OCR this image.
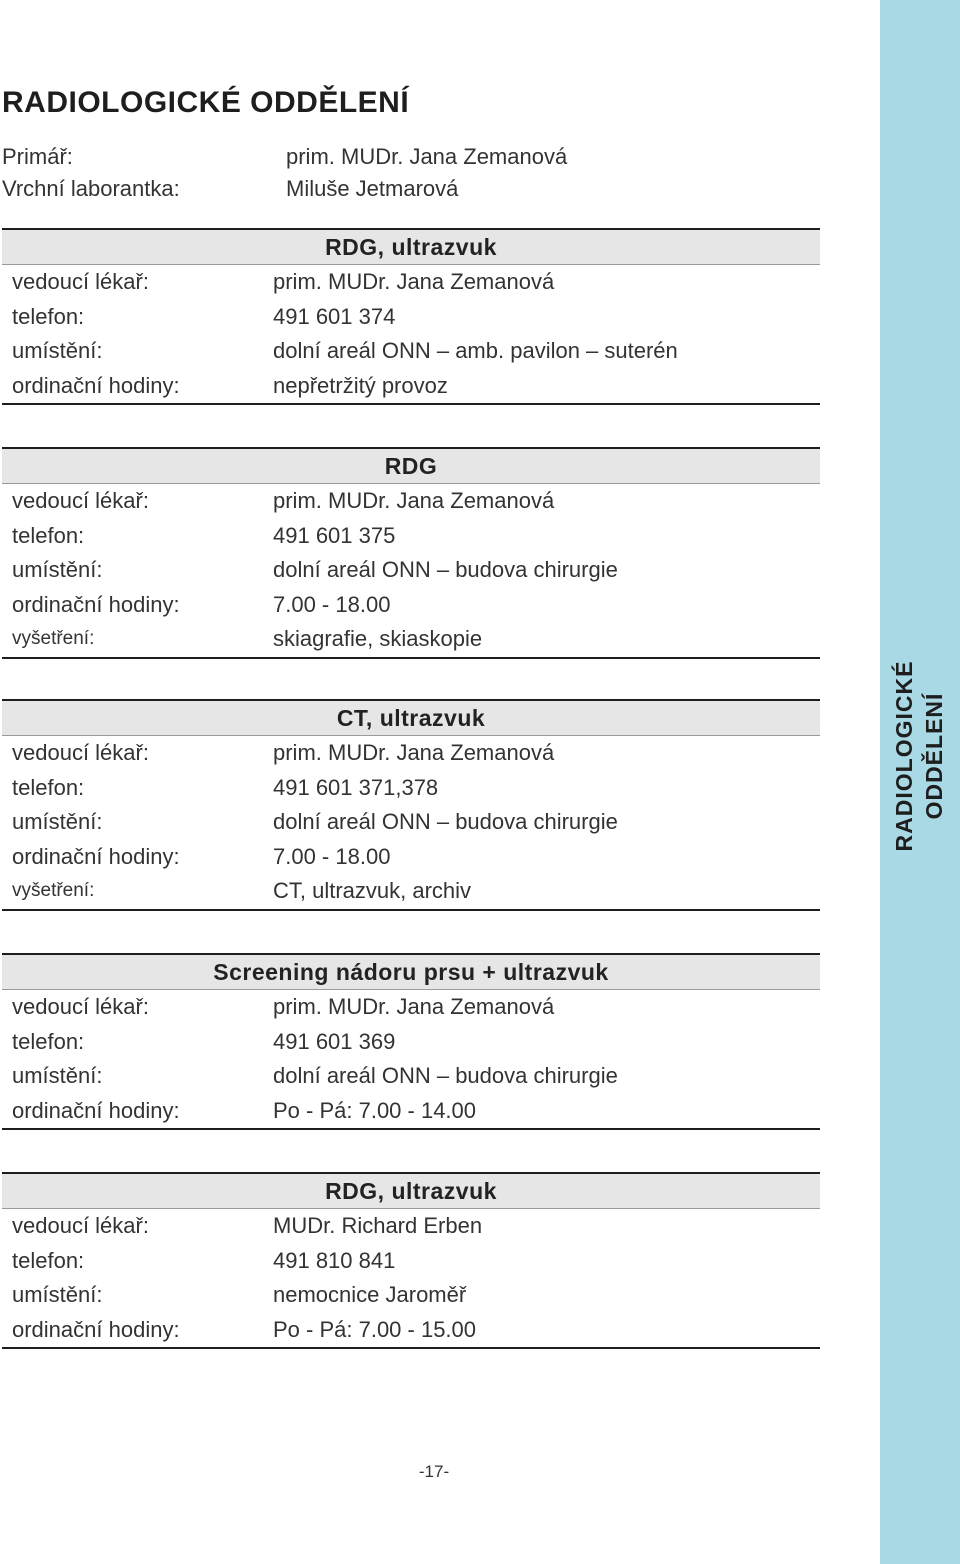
RADIOLOGICKÉ ODDĚLENÍ
RADIOLOGICKÉ ODDĚLENÍ
Primář:	prim. MUDr. Jana Zemanová
Vrchní laborantka:	Miluše Jetmarová
RDG, ultrazvuk
vedoucí lékař:	prim. MUDr. Jana Zemanová
telefon:	491 601 374
umístění:	dolní areál ONN – amb. pavilon – suterén
ordinační hodiny:	nepřetržitý provoz
RDG
vedoucí lékař:	prim. MUDr. Jana Zemanová
telefon:	491 601 375
umístění:	dolní areál ONN – budova chirurgie
ordinační hodiny:	7.00 - 18.00
vyšetření:	skiagrafie, skiaskopie
CT, ultrazvuk
vedoucí lékař:	prim. MUDr. Jana Zemanová
telefon:	491 601 371,378
umístění:	dolní areál ONN – budova chirurgie
ordinační hodiny:	7.00 - 18.00
vyšetření:	CT, ultrazvuk, archiv
Screening nádoru prsu + ultrazvuk
vedoucí lékař:	prim. MUDr. Jana Zemanová
telefon:	491 601 369
umístění:	dolní areál ONN – budova chirurgie
ordinační hodiny:	Po - Pá: 7.00 - 14.00
RDG, ultrazvuk
vedoucí lékař:	MUDr. Richard Erben
telefon:	491 810 841
umístění:	nemocnice Jaroměř
ordinační hodiny:	Po - Pá: 7.00 - 15.00
-17-
